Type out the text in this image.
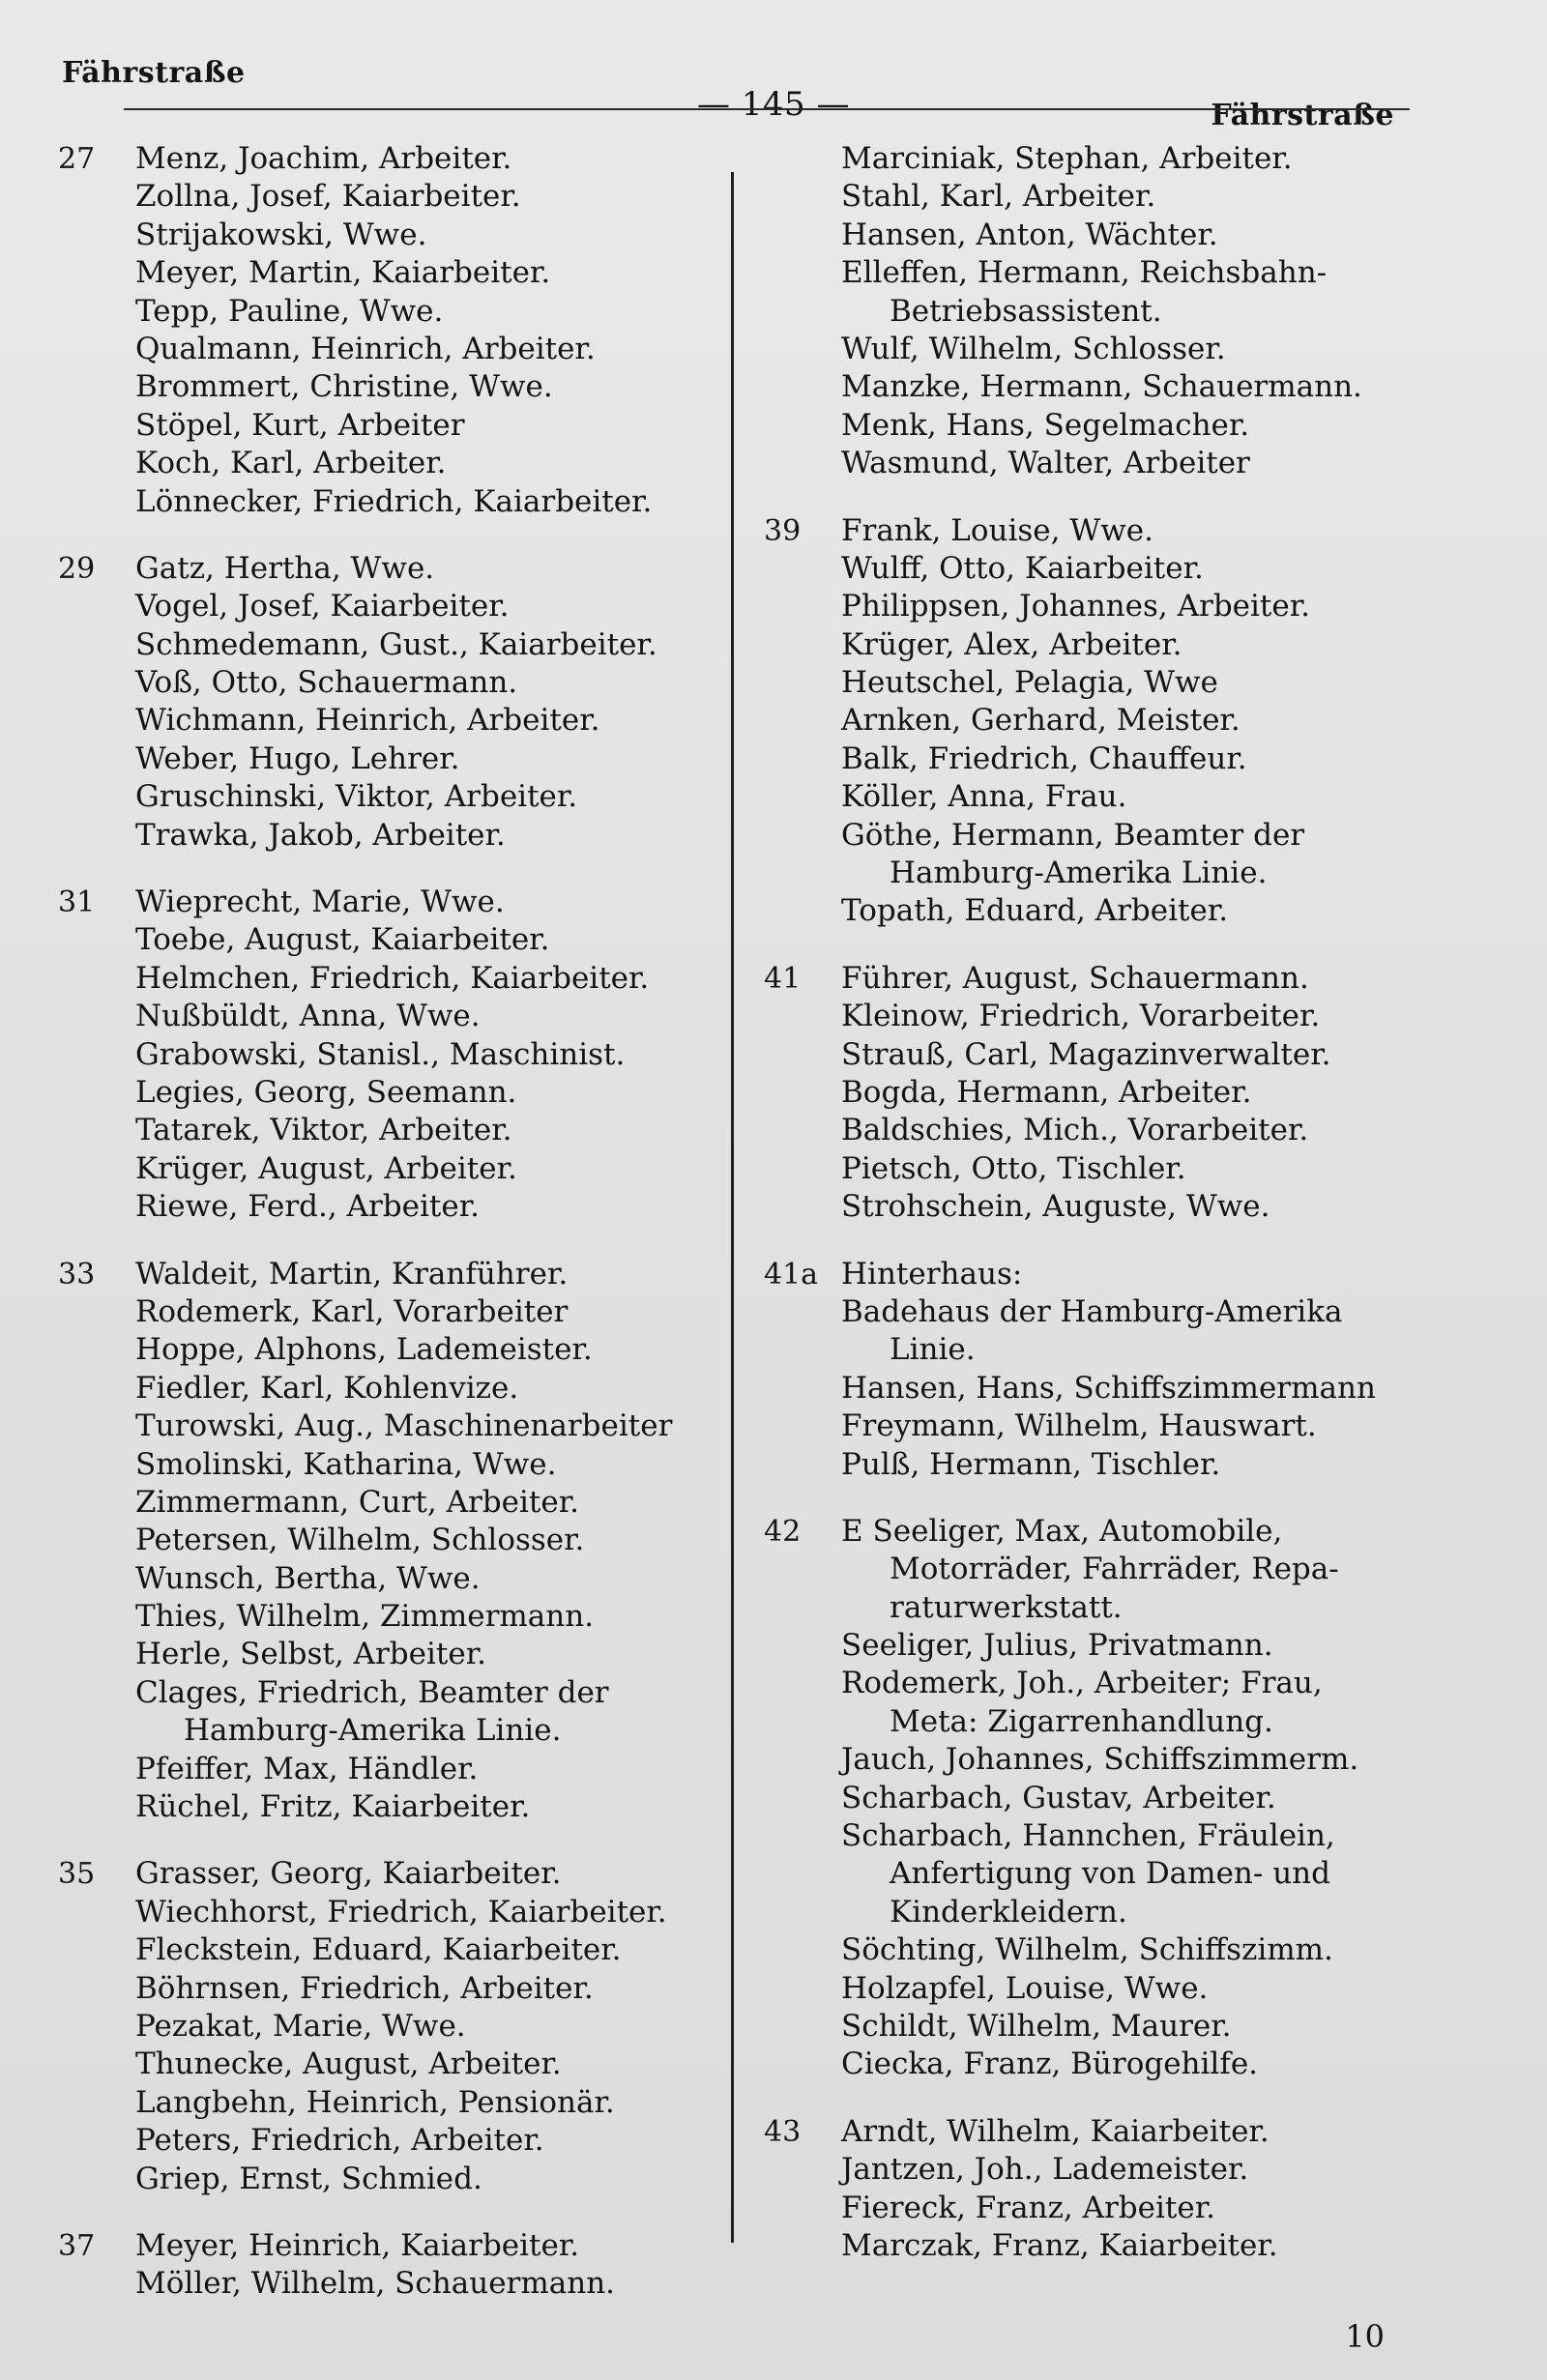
Fährstraße
— 145 —	Fährstraße
27	Menz, Joachim, Arbeiter.
Zollna, Josef, Kaiarbeiter.
Strijakowski, Wwe.
Meyer, Martin, Kaiarbeiter.
Tepp, Pauline, Wwe.
Qualmann, Heinrich, Arbeiter.
Brommert, Christine, Wwe.
Stöpel, Kurt, Arbeiter
Koch, Karl, Arbeiter.
Lönnecker, Friedrich, Kaiarbeiter.
29	Gatz, Hertha, Wwe.
Vogel, Josef, Kaiarbeiter.
Schmedemann, Gust., Kaiarbeiter.
Voß, Otto, Schauermann.
Wichmann, Heinrich, Arbeiter.
Weber, Hugo, Lehrer.
Gruschinski, Viktor, Arbeiter.
Trawka, Jakob, Arbeiter.
31	Wieprecht, Marie, Wwe.
Toebe, August, Kaiarbeiter.
Helmchen, Friedrich, Kaiarbeiter.
Nußbüldt, Anna, Wwe.
Grabowski, Stanisl., Maschinist.
Legies, Georg, Seemann.
Tatarek, Viktor, Arbeiter.
Krüger, August, Arbeiter.
Riewe, Ferd., Arbeiter.
33	Waldeit, Martin, Kranführer.
Rodemerk, Karl, Vorarbeiter
Hoppe, Alphons, Lademeister.
Fiedler, Karl, Kohlenvize.
Turowski, Aug., Maschinenarbeiter
Smolinski, Katharina, Wwe.
Zimmermann, Curt, Arbeiter.
Petersen, Wilhelm, Schlosser.
Wunsch, Bertha, Wwe.
Thies, Wilhelm, Zimmermann.
Herle, Selbst, Arbeiter.
Clages, Friedrich, Beamter der
Hamburg-Amerika Linie.
Pfeiffer, Max, Händler.
Rüchel, Fritz, Kaiarbeiter.
35	Grasser, Georg, Kaiarbeiter.
Wiechhorst, Friedrich, Kaiarbeiter.
Fleckstein, Eduard, Kaiarbeiter.
Böhrnsen, Friedrich, Arbeiter.
Pezakat, Marie, Wwe.
Thunecke, August, Arbeiter.
Langbehn, Heinrich, Pensionär.
Peters, Friedrich, Arbeiter.
Griep, Ernst, Schmied.
37	Meyer, Heinrich, Kaiarbeiter.
Möller, Wilhelm, Schauermann.
Marciniak, Stephan, Arbeiter.
Stahl, Karl, Arbeiter.
Hansen, Anton, Wächter.
Elleffen, Hermann, Reichsbahn-
Betriebsassistent.
Wulf, Wilhelm, Schlosser.
Manzke, Hermann, Schauermann.
Menk, Hans, Segelmacher.
Wasmund, Walter, Arbeiter
39	Frank, Louise, Wwe.
Wulff, Otto, Kaiarbeiter.
Philippsen, Johannes, Arbeiter.
Krüger, Alex, Arbeiter.
Heutschel, Pelagia, Wwe
Arnken, Gerhard, Meister.
Balk, Friedrich, Chauffeur.
Köller, Anna, Frau.
Göthe, Hermann, Beamter der
Hamburg-Amerika Linie.
Topath, Eduard, Arbeiter.
41	Führer, August, Schauermann.
Kleinow, Friedrich, Vorarbeiter.
Strauß, Carl, Magazinverwalter.
Bogda, Hermann, Arbeiter.
Baldschies, Mich., Vorarbeiter.
Pietsch, Otto, Tischler.
Strohschein, Auguste, Wwe.
41a Hinterhaus:
Badehaus der Hamburg-Amerika
Linie.
Hansen, Hans, Schiffszimmermann
Freymann, Wilhelm, Hauswart.
Pulß, Hermann, Tischler.
42	E Seeliger, Max, Automobile,
Motorräder, Fahrräder, Repa-
raturwerkstatt.
Seeliger, Julius, Privatmann.
Rodemerk, Joh., Arbeiter; Frau,
Meta: Zigarrenhandlung.
Jauch, Johannes, Schiffszimmerm.
Scharbach, Gustav, Arbeiter.
Scharbach, Hannchen, Fräulein,
Anfertigung von Damen- und
Kinderkleidern.
Söchting, Wilhelm, Schiffszimm.
Holzapfel, Louise, Wwe.
Schildt, Wilhelm, Maurer.
Ciecka, Franz, Bürogehilfe.
43	Arndt, Wilhelm, Kaiarbeiter.
Jantzen, Joh., Lademeister.
Fiereck, Franz, Arbeiter.
Marczak, Franz, Kaiarbeiter.
10
